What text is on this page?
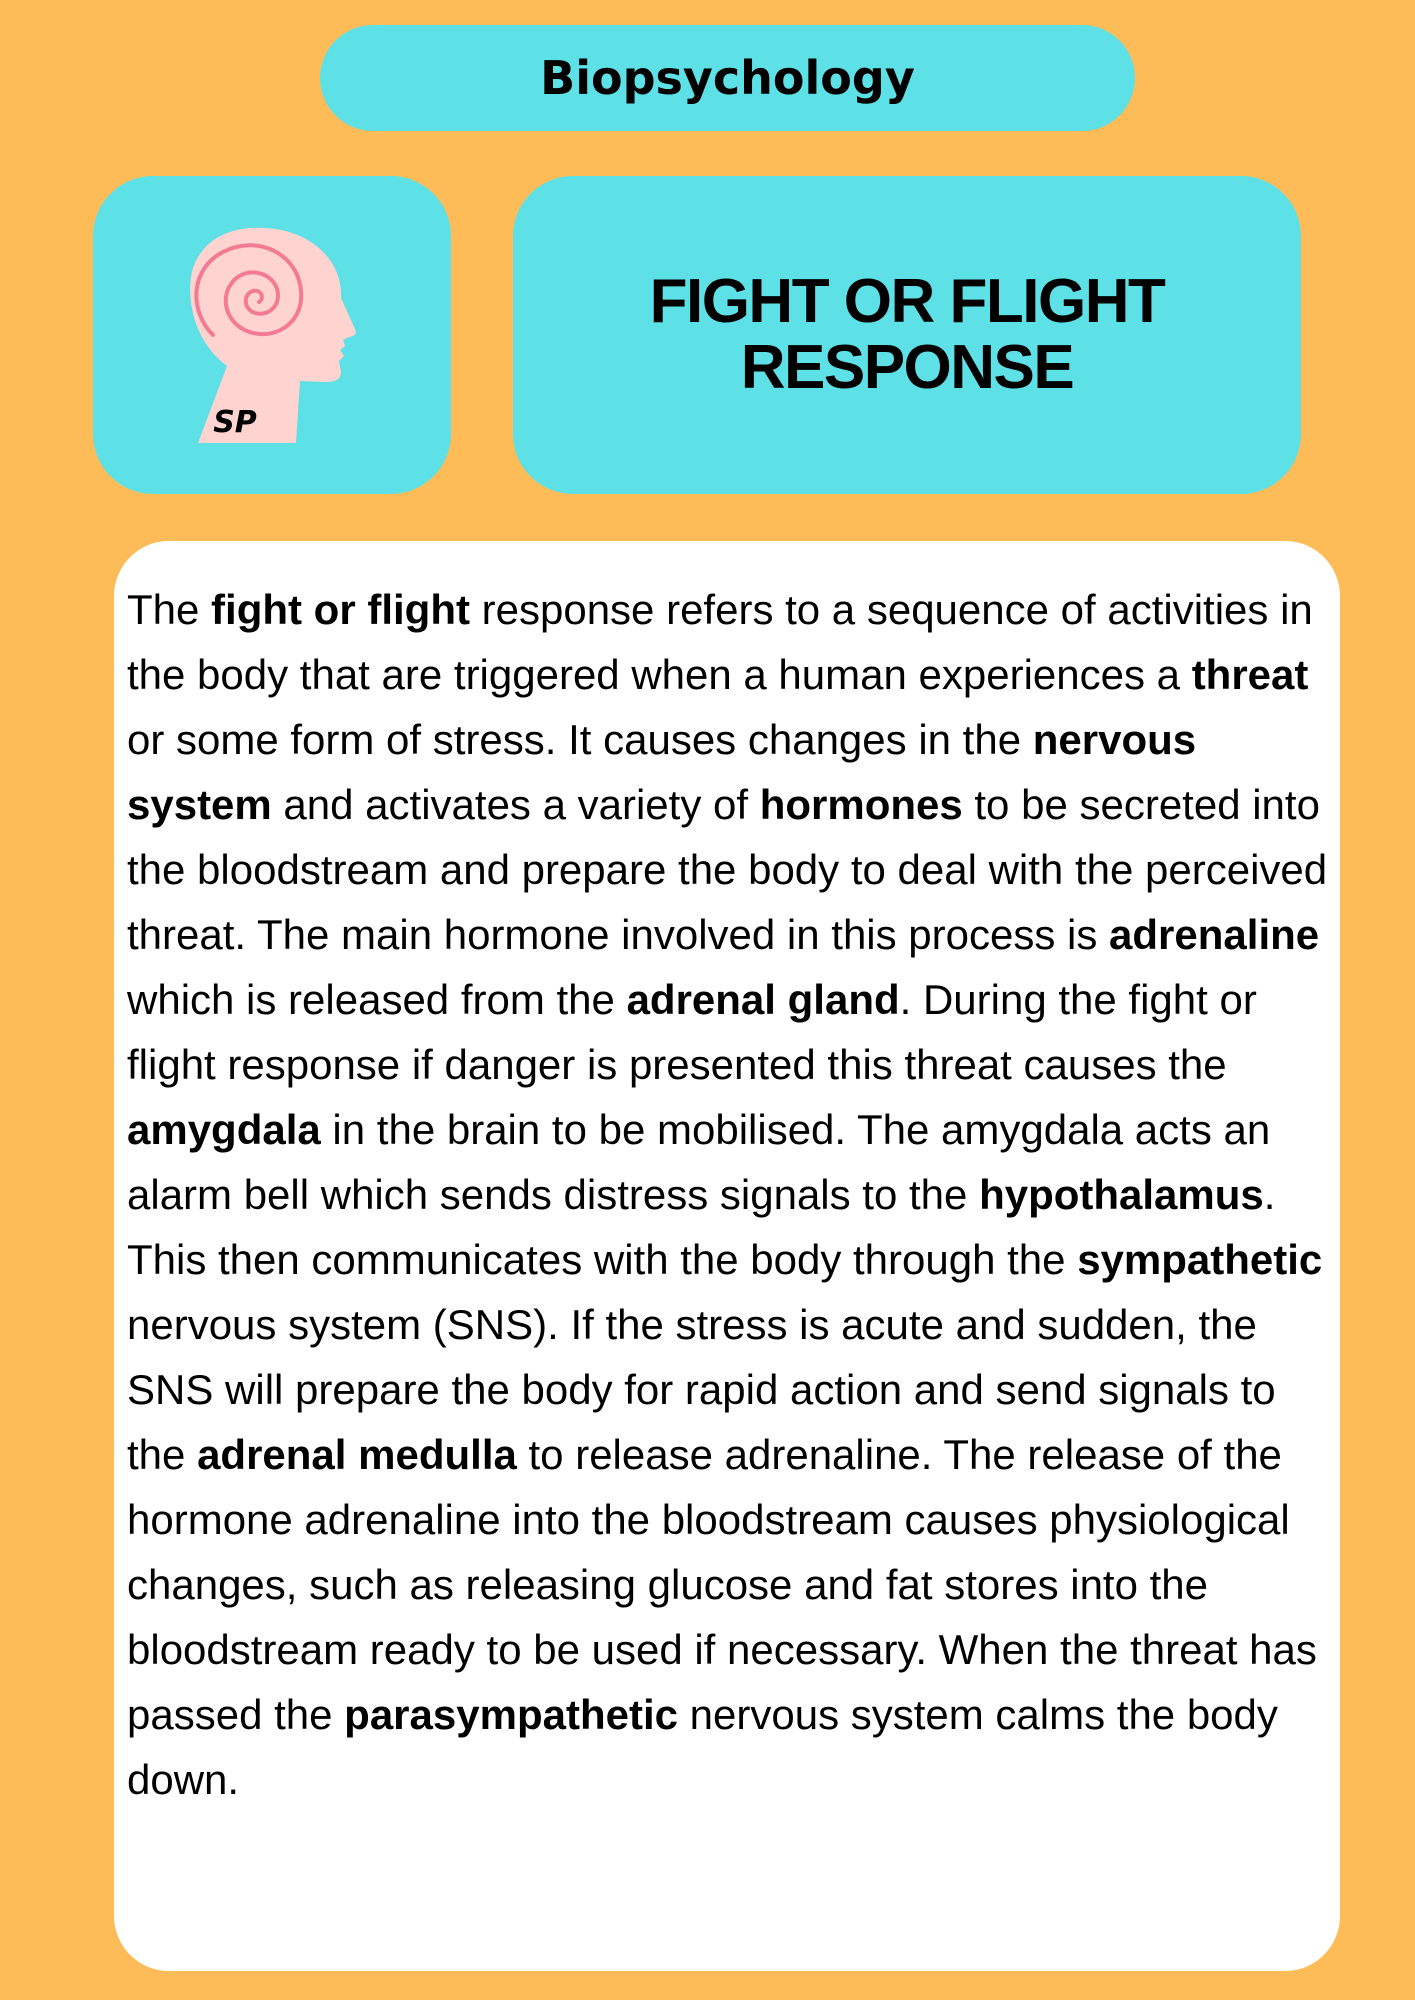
Biopsychology
SP
FIGHT OR FLIGHT
RESPONSE

The fight or flight response refers to a sequence of activities in the body that are triggered when a human experiences a threat or some form of stress. It causes changes in the nervous system and activates a variety of hormones to be secreted into the bloodstream and prepare the body to deal with the perceived threat. The main hormone involved in this process is adrenaline which is released from the adrenal gland. During the fight or flight response if danger is presented this threat causes the amygdala in the brain to be mobilised. The amygdala acts an alarm bell which sends distress signals to the hypothalamus. This then communicates with the body through the sympathetic nervous system (SNS). If the stress is acute and sudden, the SNS will prepare the body for rapid action and send signals to the adrenal medulla to release adrenaline. The release of the hormone adrenaline into the bloodstream causes physiological changes, such as releasing glucose and fat stores into the bloodstream ready to be used if necessary. When the threat has passed the parasympathetic nervous system calms the body down.
